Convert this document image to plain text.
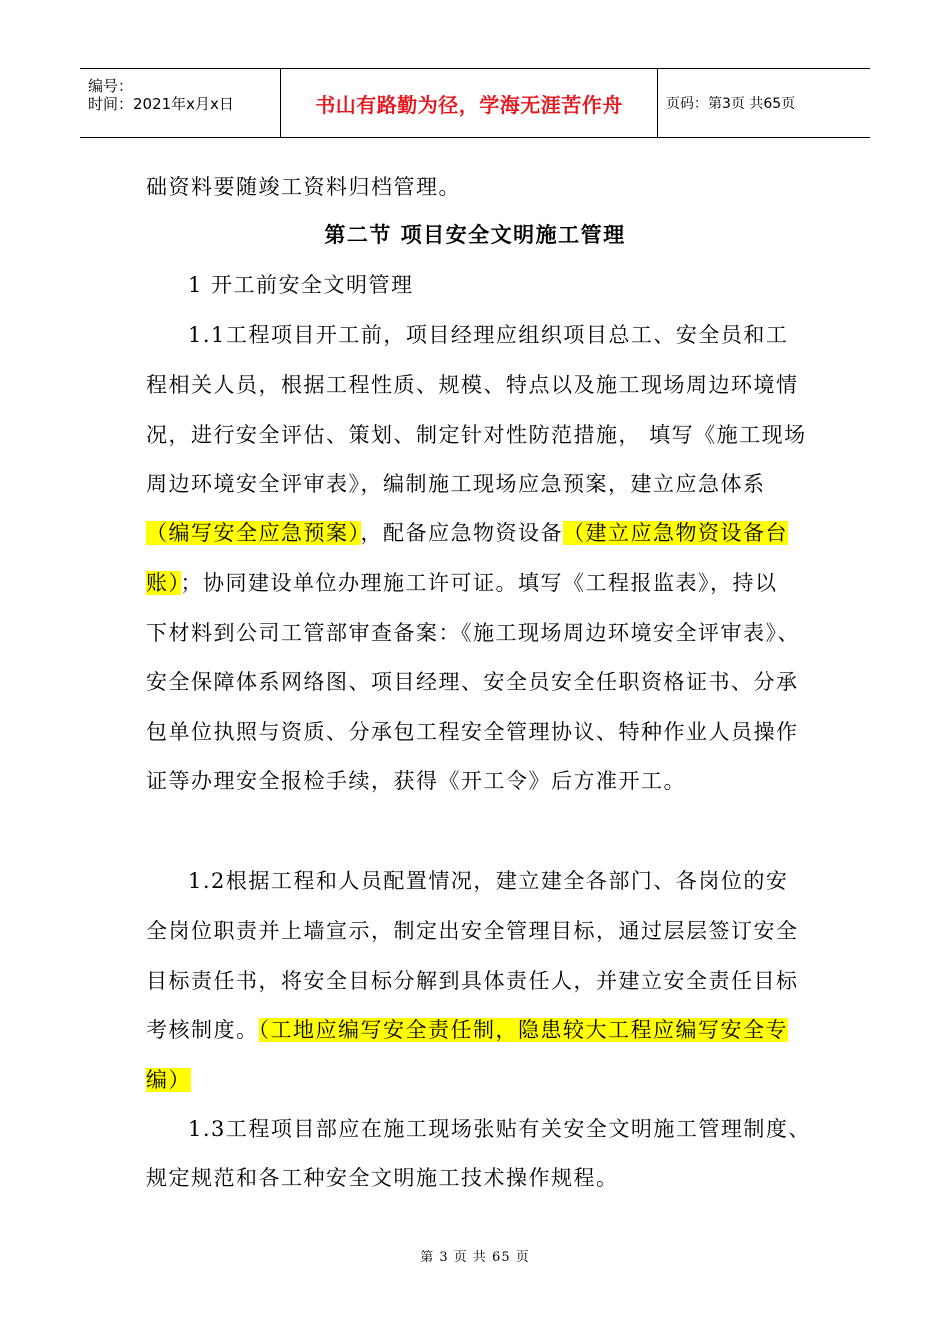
编号：
时间：2021年x月x日	书山有路勤为径，学海无涯苦作舟	页码：第3页 共65页
础资料要随竣工资料归档管理。
第二节 项目安全文明施工管理
1 开工前安全文明管理
1.1工程项目开工前，项目经理应组织项目总工、安全员和工
程相关人员，根据工程性质、规模、特点以及施工现场周边环境情
况，进行安全评估、策划、制定针对性防范措施， 填写《施工现场
周边环境安全评审表》，编制施工现场应急预案，建立应急体系
（编写安全应急预案），配备应急物资设备（建立应急物资设备台
账）；协同建设单位办理施工许可证。填写《工程报监表》，持以
下材料到公司工管部审查备案：《施工现场周边环境安全评审表》、
安全保障体系网络图、项目经理、安全员安全任职资格证书、分承
包单位执照与资质、分承包工程安全管理协议、特种作业人员操作
证等办理安全报检手续，获得《开工令》后方准开工。
1.2根据工程和人员配置情况，建立建全各部门、各岗位的安
全岗位职责并上墙宣示，制定出安全管理目标，通过层层签订安全
目标责任书，将安全目标分解到具体责任人，并建立安全责任目标
考核制度。（工地应编写安全责任制，隐患较大工程应编写安全专
编）
1.3工程项目部应在施工现场张贴有关安全文明施工管理制度、
规定规范和各工种安全文明施工技术操作规程。
第 3 页 共 65 页
